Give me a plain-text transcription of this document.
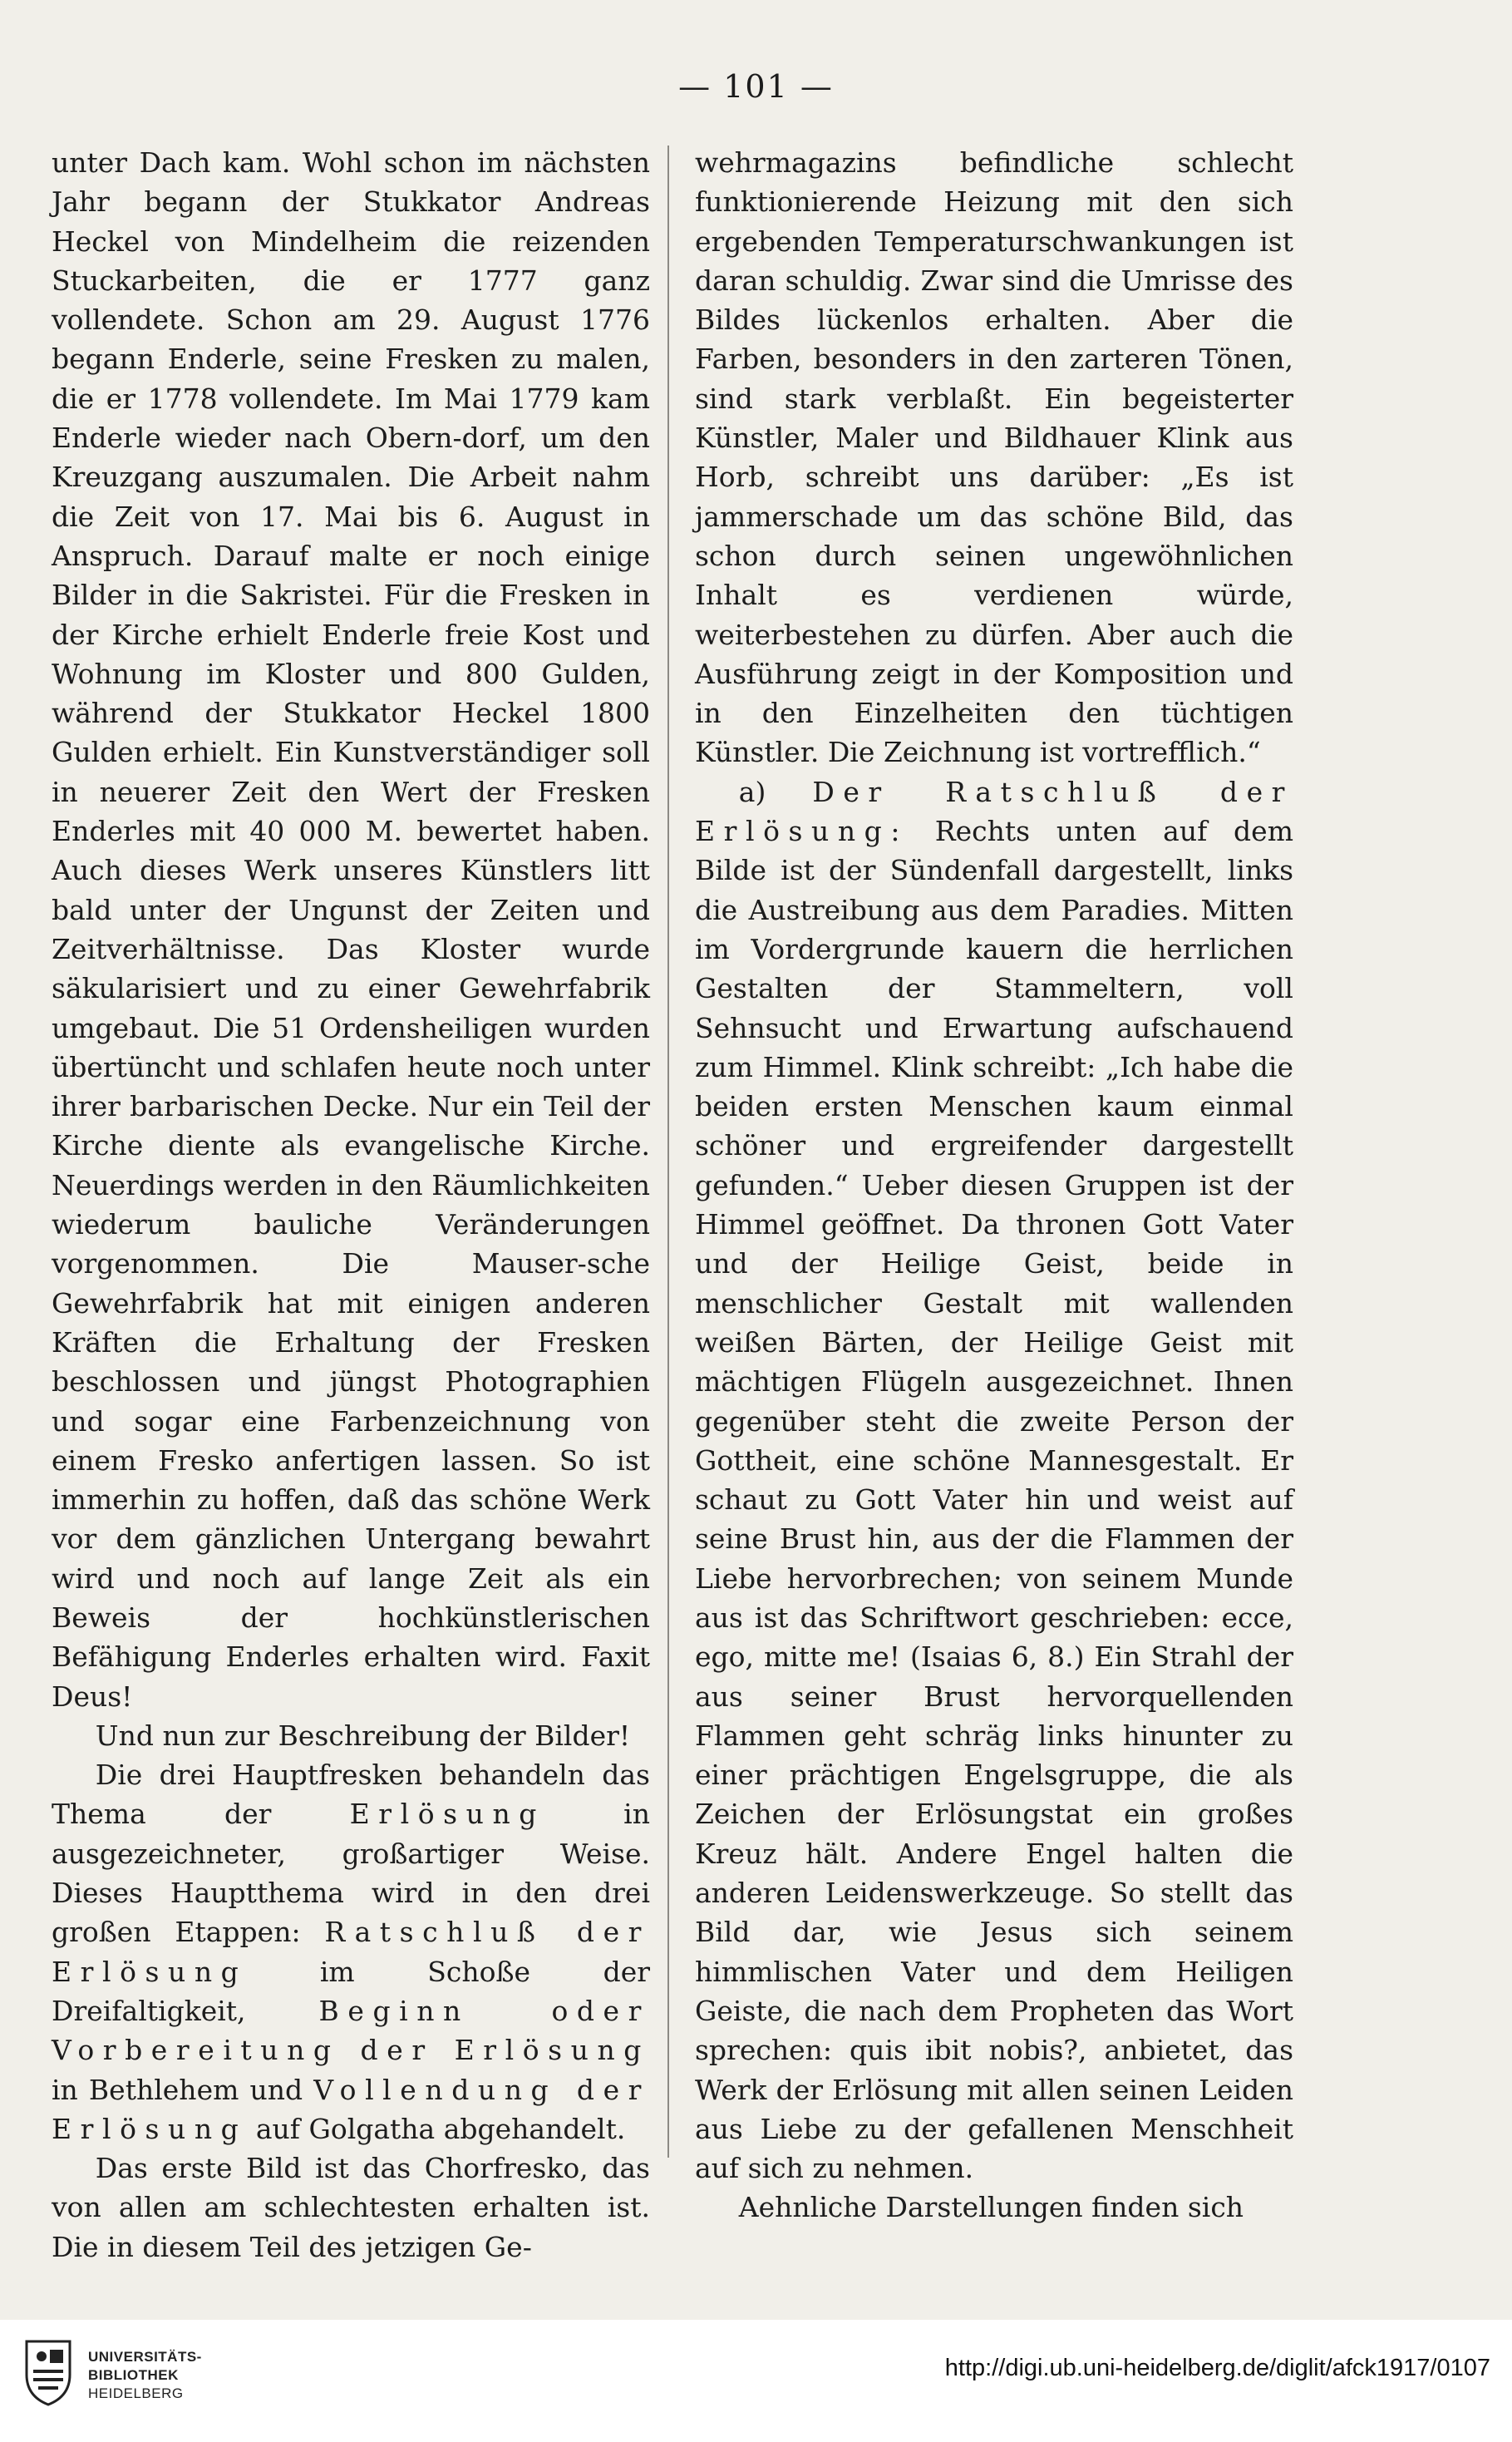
— 101 —

unter Dach kam. Wohl schon im nächsten Jahr begann der Stukkator Andreas Heckel von Mindelheim die reizenden Stuckarbeiten, die er 1777 ganz vollendete. Schon am 29. August 1776 begann Enderle, seine Fresken zu malen, die er 1778 vollendete. Im Mai 1779 kam Enderle wieder nach Obern-dorf, um den Kreuzgang auszumalen. Die Arbeit nahm die Zeit von 17. Mai bis 6. August in Anspruch. Darauf malte er noch einige Bilder in die Sakristei. Für die Fresken in der Kirche erhielt Enderle freie Kost und Wohnung im Kloster und 800 Gulden, während der Stukkator Heckel 1800 Gulden erhielt. Ein Kunstverständiger soll in neuerer Zeit den Wert der Fresken Enderles mit 40 000 M. bewertet haben. Auch dieses Werk unseres Künstlers litt bald unter der Ungunst der Zeiten und Zeitverhältnisse. Das Kloster wurde säkularisiert und zu einer Gewehrfabrik umgebaut. Die 51 Ordensheiligen wurden übertüncht und schlafen heute noch unter ihrer barbarischen Decke. Nur ein Teil der Kirche diente als evangelische Kirche. Neuerdings werden in den Räumlichkeiten wiederum bauliche Veränderungen vorgenommen. Die Mauser-sche Gewehrfabrik hat mit einigen anderen Kräften die Erhaltung der Fresken beschlossen und jüngst Photographien und sogar eine Farbenzeichnung von einem Fresko anfertigen lassen. So ist immerhin zu hoffen, daß das schöne Werk vor dem gänzlichen Untergang bewahrt wird und noch auf lange Zeit als ein Beweis der hochkünstlerischen Befähigung Enderles erhalten wird. Faxit Deus!

Und nun zur Beschreibung der Bilder!

Die drei Hauptfresken behandeln das Thema der Erlösung in ausgezeichneter, großartiger Weise. Dieses Hauptthema wird in den drei großen Etappen: Ratschluß der Erlösung im Schoße der Dreifaltigkeit, Beginn oder Vorbereitung der Erlösung in Bethlehem und Vollendung der Erlösung auf Golgatha abgehandelt.

Das erste Bild ist das Chorfresko, das von allen am schlechtesten erhalten ist. Die in diesem Teil des jetzigen Ge-

wehrmagazins befindliche schlecht funktionierende Heizung mit den sich ergebenden Temperaturschwankungen ist daran schuldig. Zwar sind die Umrisse des Bildes lückenlos erhalten. Aber die Farben, besonders in den zarteren Tönen, sind stark verblaßt. Ein begeisterter Künstler, Maler und Bildhauer Klink aus Horb, schreibt uns darüber: „Es ist jammerschade um das schöne Bild, das schon durch seinen ungewöhnlichen Inhalt es verdienen würde, weiterbestehen zu dürfen. Aber auch die Ausführung zeigt in der Komposition und in den Einzelheiten den tüchtigen Künstler. Die Zeichnung ist vortrefflich.“

a) Der Ratschluß der Erlösung: Rechts unten auf dem Bilde ist der Sündenfall dargestellt, links die Austreibung aus dem Paradies. Mitten im Vordergrunde kauern die herrlichen Gestalten der Stammeltern, voll Sehnsucht und Erwartung aufschauend zum Himmel. Klink schreibt: „Ich habe die beiden ersten Menschen kaum einmal schöner und ergreifender dargestellt gefunden.“ Ueber diesen Gruppen ist der Himmel geöffnet. Da thronen Gott Vater und der Heilige Geist, beide in menschlicher Gestalt mit wallenden weißen Bärten, der Heilige Geist mit mächtigen Flügeln ausgezeichnet. Ihnen gegenüber steht die zweite Person der Gottheit, eine schöne Mannesgestalt. Er schaut zu Gott Vater hin und weist auf seine Brust hin, aus der die Flammen der Liebe hervorbrechen; von seinem Munde aus ist das Schriftwort geschrieben: ecce, ego, mitte me! (Isaias 6, 8.) Ein Strahl der aus seiner Brust hervorquellenden Flammen geht schräg links hinunter zu einer prächtigen Engelsgruppe, die als Zeichen der Erlösungstat ein großes Kreuz hält. Andere Engel halten die anderen Leidenswerkzeuge. So stellt das Bild dar, wie Jesus sich seinem himmlischen Vater und dem Heiligen Geiste, die nach dem Propheten das Wort sprechen: quis ibit nobis?, anbietet, das Werk der Erlösung mit allen seinen Leiden aus Liebe zu der gefallenen Menschheit auf sich zu nehmen.

Aehnliche Darstellungen finden sich

UNIVERSITÄTS-
BIBLIOTHEK
HEIDELBERG
http://digi.ub.uni-heidelberg.de/diglit/afck1917/0107
